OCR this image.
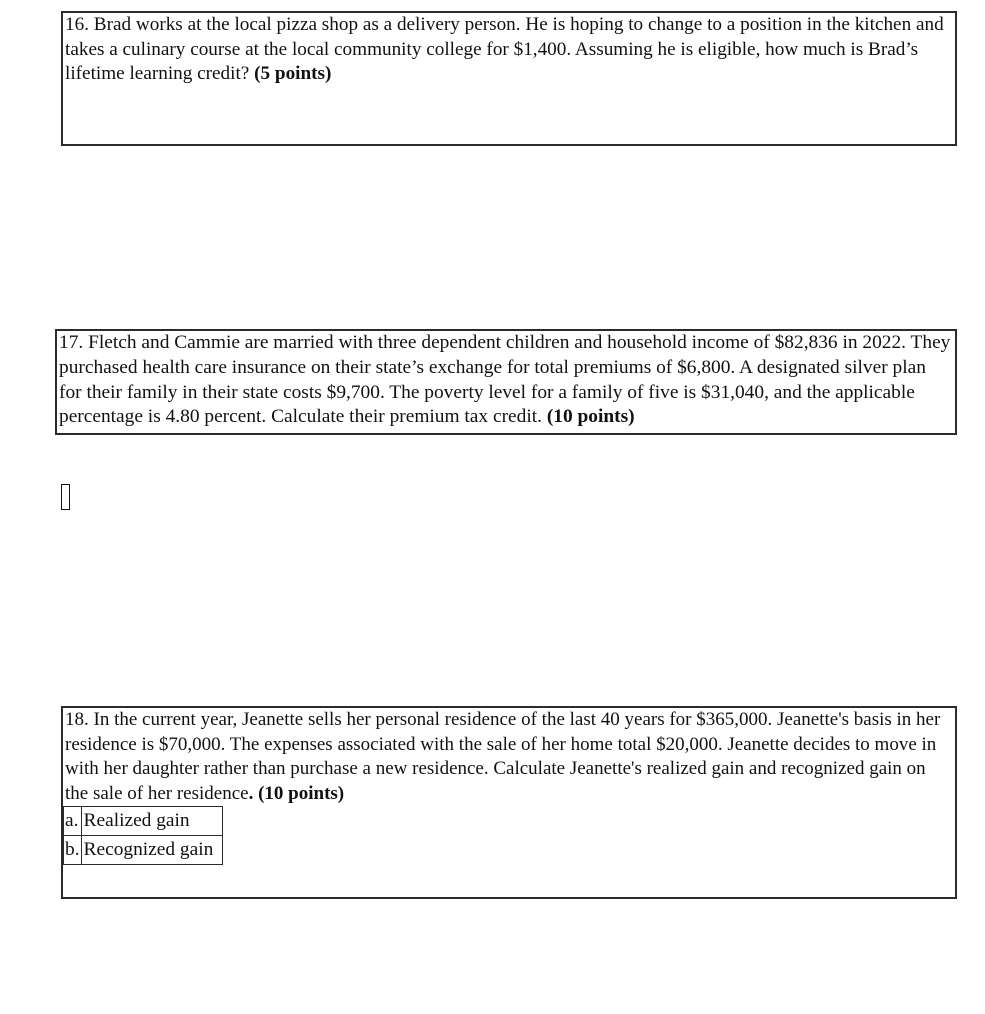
16. Brad works at the local pizza shop as a delivery person. He is hoping to change to a position in the kitchen and takes a culinary course at the local community college for $1,400. Assuming he is eligible, how much is Brad’s lifetime learning credit? (5 points)
17. Fletch and Cammie are married with three dependent children and household income of $82,836 in 2022. They purchased health care insurance on their state’s exchange for total premiums of $6,800. A designated silver plan for their family in their state costs $9,700. The poverty level for a family of five is $31,040, and the applicable percentage is 4.80 percent. Calculate their premium tax credit. (10 points)
18. In the current year, Jeanette sells her personal residence of the last 40 years for $365,000. Jeanette's basis in her residence is $70,000. The expenses associated with the sale of her home total $20,000. Jeanette decides to move in with her daughter rather than purchase a new residence. Calculate Jeanette's realized gain and recognized gain on the sale of her residence. (10 points)
a.	Realized gain
b.	Recognized gain
